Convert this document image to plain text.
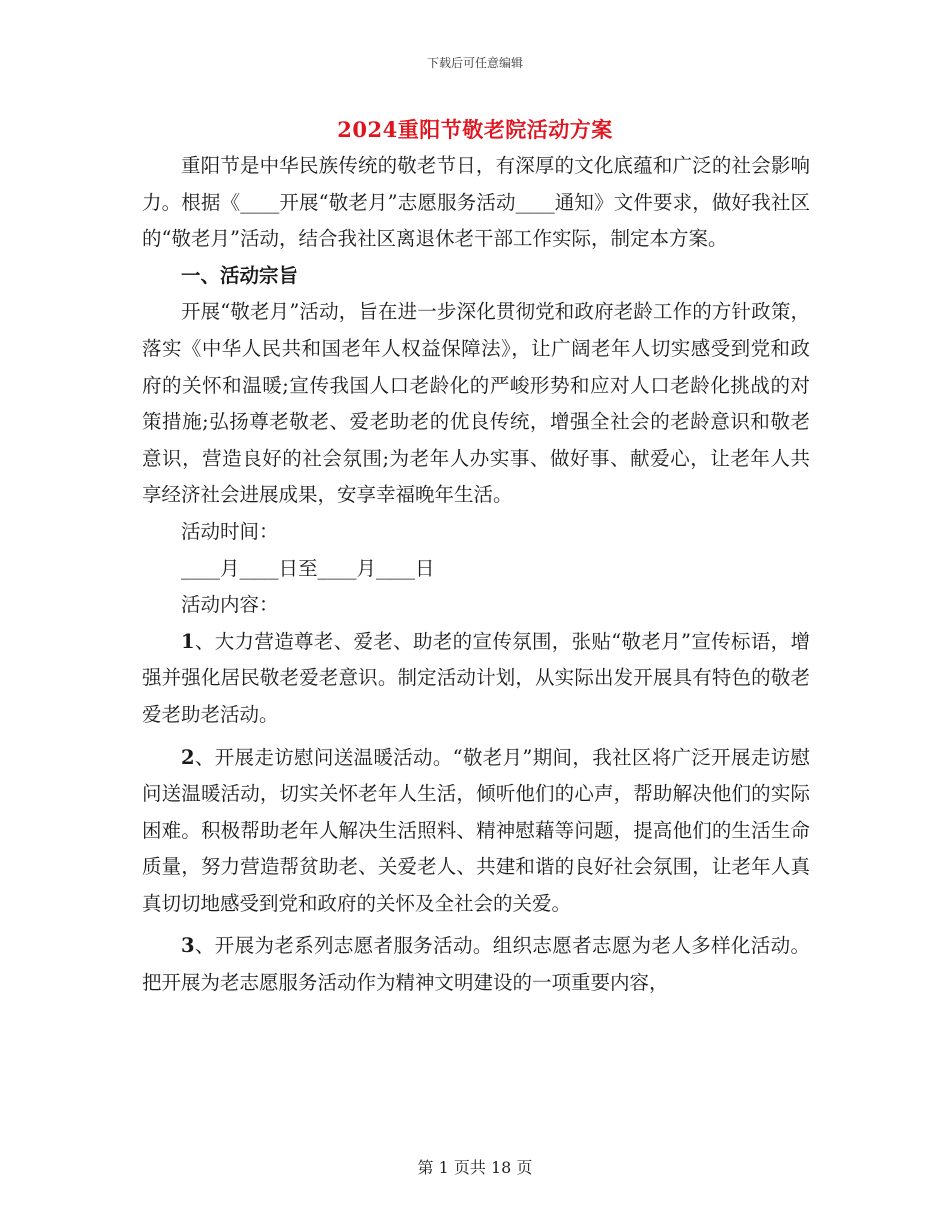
下载后可任意编辑
2024重阳节敬老院活动方案

重阳节是中华民族传统的敬老节日，有深厚的文化底蕴和广泛的社会影响力。根据《____开展“敬老月”志愿服务活动____通知》文件要求，做好我社区的“敬老月”活动，结合我社区离退休老干部工作实际，制定本方案。

一、活动宗旨

开展“敬老月”活动，旨在进一步深化贯彻党和政府老龄工作的方针政策，落实《中华人民共和国老年人权益保障法》，让广阔老年人切实感受到党和政府的关怀和温暖;宣传我国人口老龄化的严峻形势和应对人口老龄化挑战的对策措施;弘扬尊老敬老、爱老助老的优良传统，增强全社会的老龄意识和敬老意识，营造良好的社会氛围;为老年人办实事、做好事、献爱心，让老年人共享经济社会进展成果，安享幸福晚年生活。

活动时间：

____月____日至____月____日

活动内容：

1、大力营造尊老、爱老、助老的宣传氛围，张贴“敬老月”宣传标语，增强并强化居民敬老爱老意识。制定活动计划，从实际出发开展具有特色的敬老爱老助老活动。

2、开展走访慰问送温暖活动。“敬老月”期间，我社区将广泛开展走访慰问送温暖活动，切实关怀老年人生活，倾听他们的心声，帮助解决他们的实际困难。积极帮助老年人解决生活照料、精神慰藉等问题，提高他们的生活生命质量，努力营造帮贫助老、关爱老人、共建和谐的良好社会氛围，让老年人真真切切地感受到党和政府的关怀及全社会的关爱。

3、开展为老系列志愿者服务活动。组织志愿者志愿为老人多样化活动。把开展为老志愿服务活动作为精神文明建设的一项重要内容，

第 1 页共 18 页
